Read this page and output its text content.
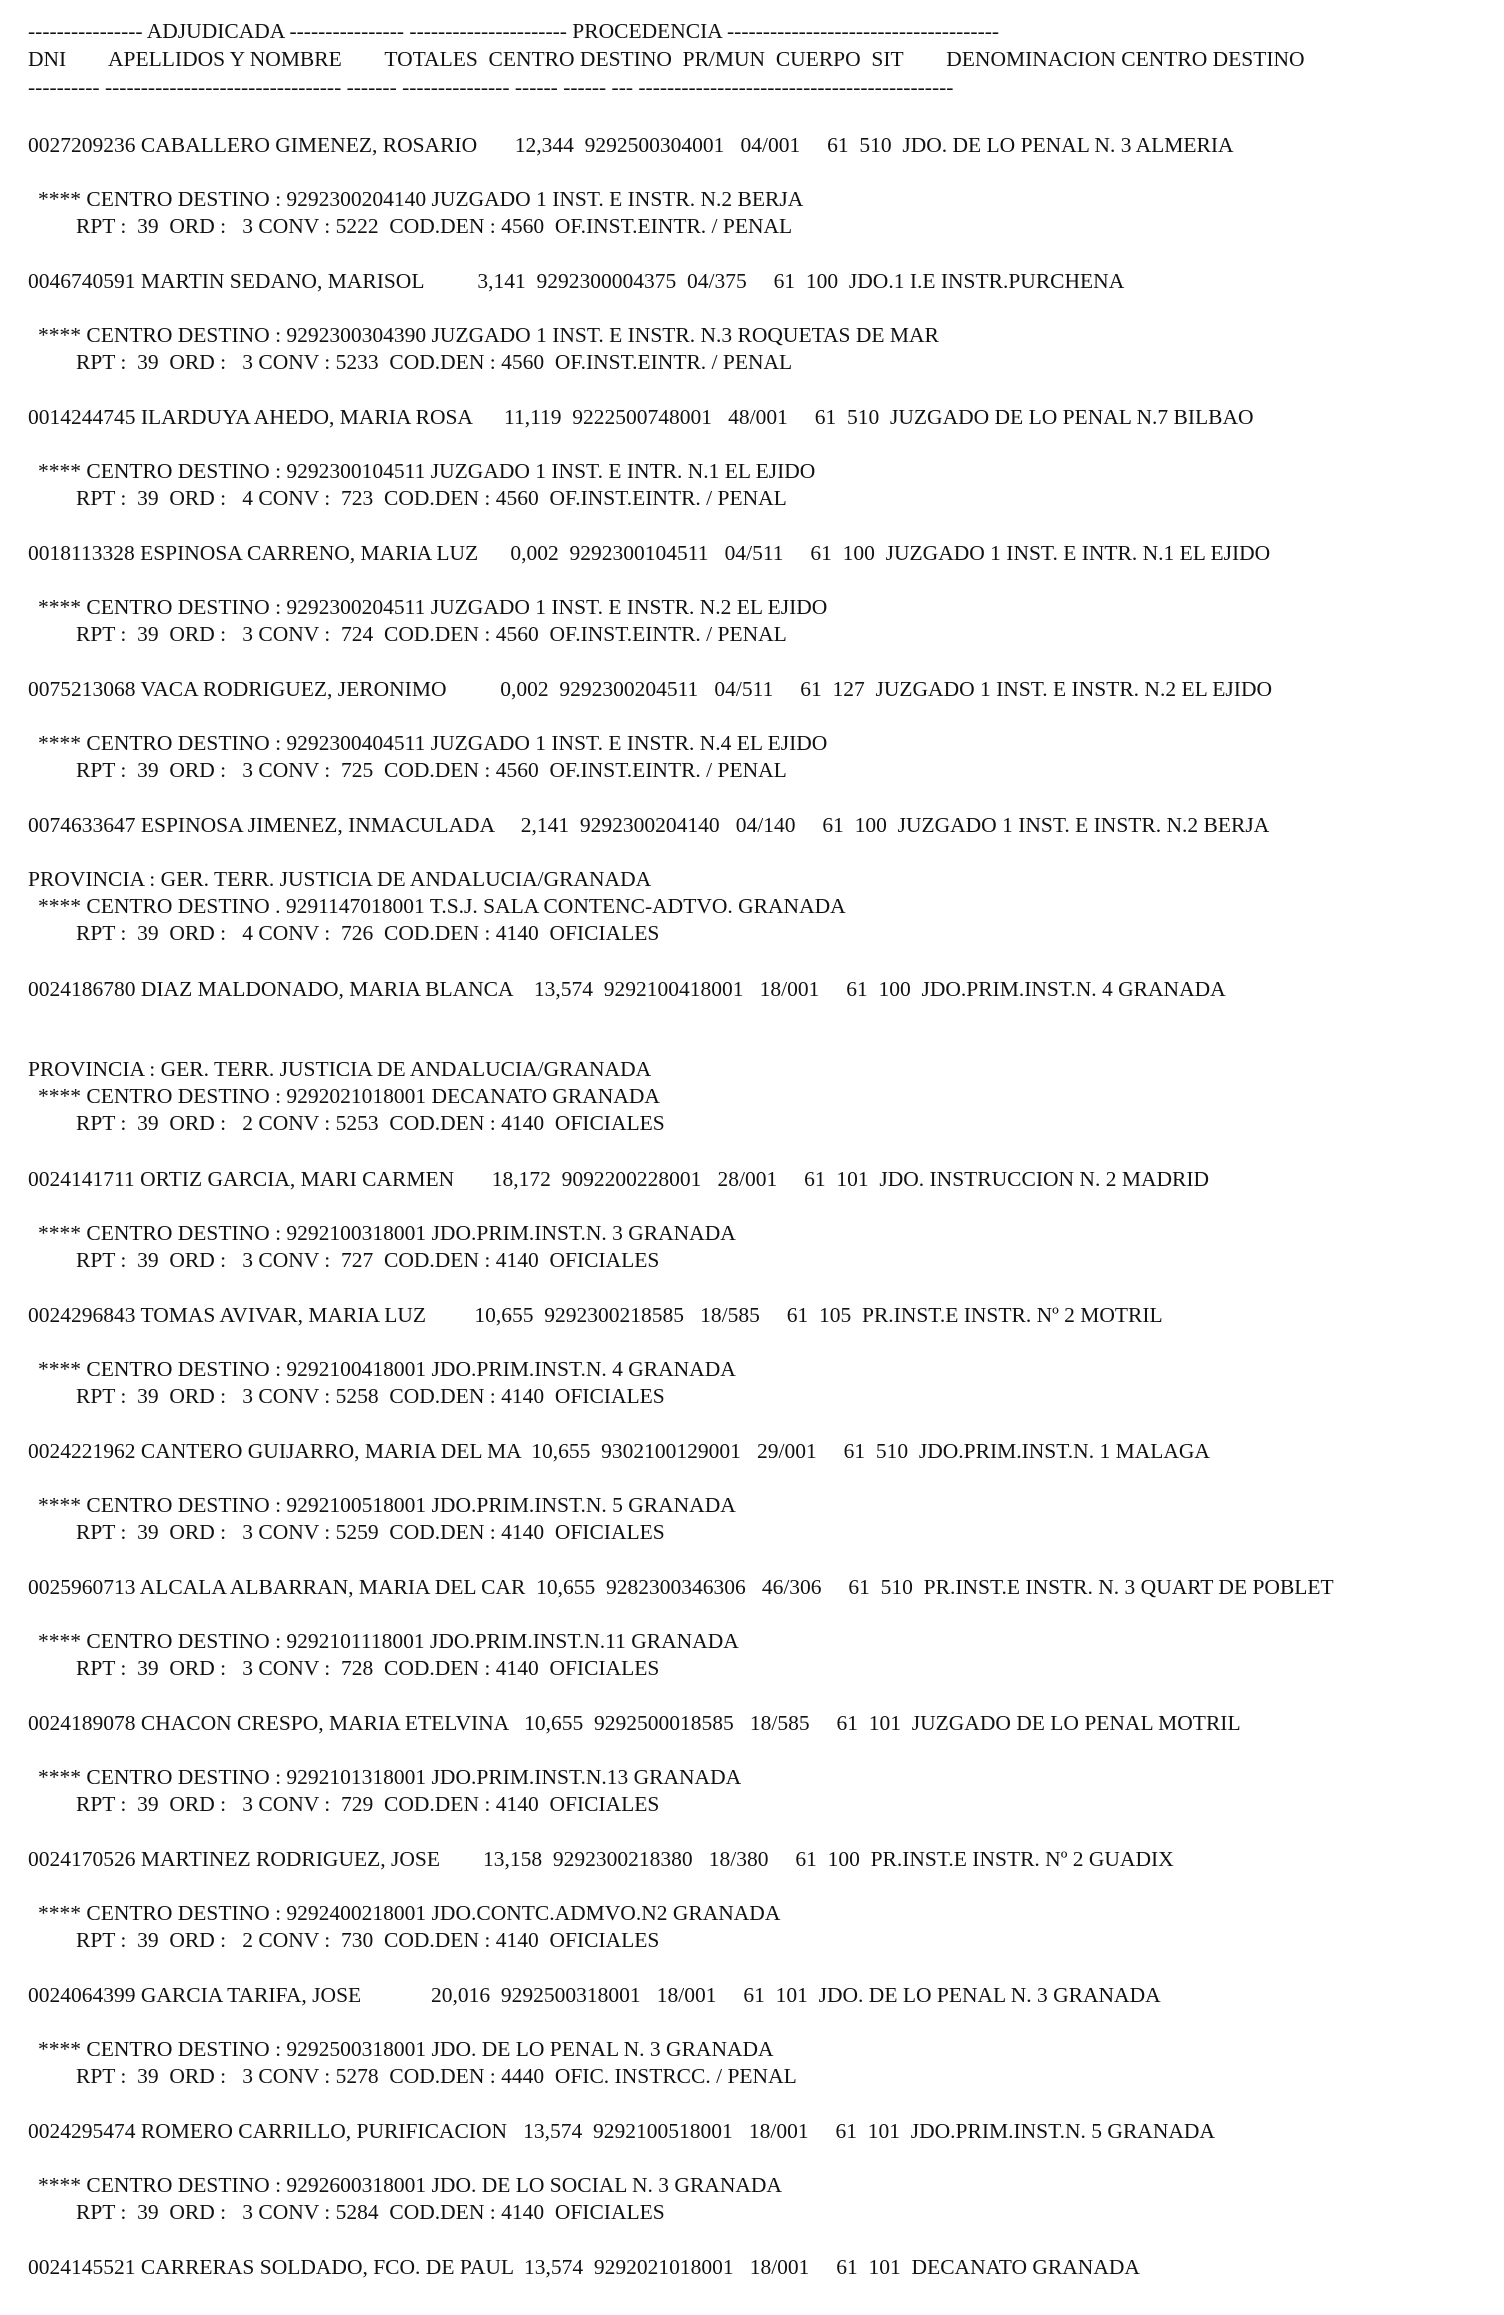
---------------- ADJUDICADA ---------------- ---------------------- PROCEDENCIA --------------------------------------
DNI        APELLIDOS Y NOMBRE        TOTALES  CENTRO DESTINO  PR/MUN  CUERPO  SIT        DENOMINACION CENTRO DESTINO
---------- --------------------------------- ------- --------------- ------ ------ --- --------------------------------------------
0027209236 CABALLERO GIMENEZ, ROSARIO       12,344  9292500304001   04/001     61  510  JDO. DE LO PENAL N. 3 ALMERIA
**** CENTRO DESTINO : 9292300204140 JUZGADO 1 INST. E INSTR. N.2 BERJA
RPT :  39  ORD :   3 CONV : 5222  COD.DEN : 4560  OF.INST.EINTR. / PENAL
0046740591 MARTIN SEDANO, MARISOL          3,141  9292300004375  04/375     61  100  JDO.1 I.E INSTR.PURCHENA
**** CENTRO DESTINO : 9292300304390 JUZGADO 1 INST. E INSTR. N.3 ROQUETAS DE MAR
RPT :  39  ORD :   3 CONV : 5233  COD.DEN : 4560  OF.INST.EINTR. / PENAL
0014244745 ILARDUYA AHEDO, MARIA ROSA      11,119  9222500748001   48/001     61  510  JUZGADO DE LO PENAL N.7 BILBAO
**** CENTRO DESTINO : 9292300104511 JUZGADO 1 INST. E INTR. N.1 EL EJIDO
RPT :  39  ORD :   4 CONV :  723  COD.DEN : 4560  OF.INST.EINTR. / PENAL
0018113328 ESPINOSA CARRENO, MARIA LUZ      0,002  9292300104511   04/511     61  100  JUZGADO 1 INST. E INTR. N.1 EL EJIDO
**** CENTRO DESTINO : 9292300204511 JUZGADO 1 INST. E INSTR. N.2 EL EJIDO
RPT :  39  ORD :   3 CONV :  724  COD.DEN : 4560  OF.INST.EINTR. / PENAL
0075213068 VACA RODRIGUEZ, JERONIMO          0,002  9292300204511   04/511     61  127  JUZGADO 1 INST. E INSTR. N.2 EL EJIDO
**** CENTRO DESTINO : 9292300404511 JUZGADO 1 INST. E INSTR. N.4 EL EJIDO
RPT :  39  ORD :   3 CONV :  725  COD.DEN : 4560  OF.INST.EINTR. / PENAL
0074633647 ESPINOSA JIMENEZ, INMACULADA     2,141  9292300204140   04/140     61  100  JUZGADO 1 INST. E INSTR. N.2 BERJA
PROVINCIA : GER. TERR. JUSTICIA DE ANDALUCIA/GRANADA
**** CENTRO DESTINO . 9291147018001 T.S.J. SALA CONTENC-ADTVO. GRANADA
RPT :  39  ORD :   4 CONV :  726  COD.DEN : 4140  OFICIALES
0024186780 DIAZ MALDONADO, MARIA BLANCA    13,574  9292100418001   18/001     61  100  JDO.PRIM.INST.N. 4 GRANADA
PROVINCIA : GER. TERR. JUSTICIA DE ANDALUCIA/GRANADA
**** CENTRO DESTINO : 9292021018001 DECANATO GRANADA
RPT :  39  ORD :   2 CONV : 5253  COD.DEN : 4140  OFICIALES
0024141711 ORTIZ GARCIA, MARI CARMEN       18,172  9092200228001   28/001     61  101  JDO. INSTRUCCION N. 2 MADRID
**** CENTRO DESTINO : 9292100318001 JDO.PRIM.INST.N. 3 GRANADA
RPT :  39  ORD :   3 CONV :  727  COD.DEN : 4140  OFICIALES
0024296843 TOMAS AVIVAR, MARIA LUZ         10,655  9292300218585   18/585     61  105  PR.INST.E INSTR. Nº 2 MOTRIL
**** CENTRO DESTINO : 9292100418001 JDO.PRIM.INST.N. 4 GRANADA
RPT :  39  ORD :   3 CONV : 5258  COD.DEN : 4140  OFICIALES
0024221962 CANTERO GUIJARRO, MARIA DEL MA  10,655  9302100129001   29/001     61  510  JDO.PRIM.INST.N. 1 MALAGA
**** CENTRO DESTINO : 9292100518001 JDO.PRIM.INST.N. 5 GRANADA
RPT :  39  ORD :   3 CONV : 5259  COD.DEN : 4140  OFICIALES
0025960713 ALCALA ALBARRAN, MARIA DEL CAR  10,655  9282300346306   46/306     61  510  PR.INST.E INSTR. N. 3 QUART DE POBLET
**** CENTRO DESTINO : 9292101118001 JDO.PRIM.INST.N.11 GRANADA
RPT :  39  ORD :   3 CONV :  728  COD.DEN : 4140  OFICIALES
0024189078 CHACON CRESPO, MARIA ETELVINA   10,655  9292500018585   18/585     61  101  JUZGADO DE LO PENAL MOTRIL
**** CENTRO DESTINO : 9292101318001 JDO.PRIM.INST.N.13 GRANADA
RPT :  39  ORD :   3 CONV :  729  COD.DEN : 4140  OFICIALES
0024170526 MARTINEZ RODRIGUEZ, JOSE        13,158  9292300218380   18/380     61  100  PR.INST.E INSTR. Nº 2 GUADIX
**** CENTRO DESTINO : 9292400218001 JDO.CONTC.ADMVO.N2 GRANADA
RPT :  39  ORD :   2 CONV :  730  COD.DEN : 4140  OFICIALES
0024064399 GARCIA TARIFA, JOSE             20,016  9292500318001   18/001     61  101  JDO. DE LO PENAL N. 3 GRANADA
**** CENTRO DESTINO : 9292500318001 JDO. DE LO PENAL N. 3 GRANADA
RPT :  39  ORD :   3 CONV : 5278  COD.DEN : 4440  OFIC. INSTRCC. / PENAL
0024295474 ROMERO CARRILLO, PURIFICACION   13,574  9292100518001   18/001     61  101  JDO.PRIM.INST.N. 5 GRANADA
**** CENTRO DESTINO : 9292600318001 JDO. DE LO SOCIAL N. 3 GRANADA
RPT :  39  ORD :   3 CONV : 5284  COD.DEN : 4140  OFICIALES
0024145521 CARRERAS SOLDADO, FCO. DE PAUL  13,574  9292021018001   18/001     61  101  DECANATO GRANADA
